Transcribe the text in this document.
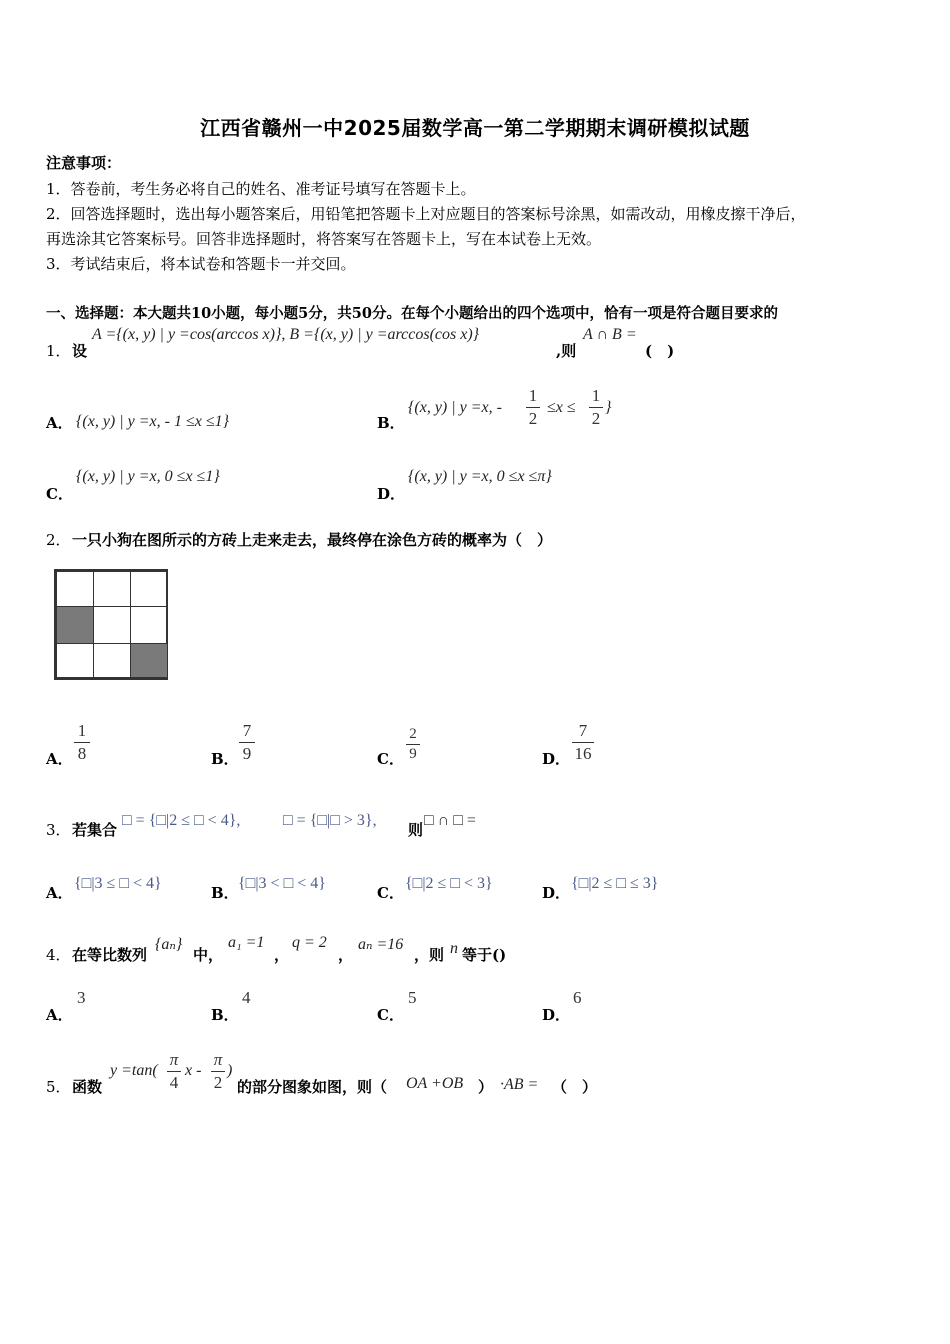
江西省赣州一中2025届数学高一第二学期期末调研模拟试题
注意事项：
1．答卷前，考生务必将自己的姓名、准考证号填写在答题卡上。
2．回答选择题时，选出每小题答案后，用铅笔把答题卡上对应题目的答案标号涂黑，如需改动，用橡皮擦干净后，
再选涂其它答案标号。回答非选择题时，将答案写在答题卡上，写在本试卷上无效。
3．考试结束后，将本试卷和答题卡一并交回。
一、选择题：本大题共10小题，每小题5分，共50分。在每个小题给出的四个选项中，恰有一项是符合题目要求的
1． 设
A ={(x, y) | y =cos(arccos x)}, B ={(x, y) | y =arccos(cos x)}
,则
A ∩ B =
(　)
A． {(x, y) | y =x, - 1 ≤x ≤1}	B．
{(x, y) | y =x, -
1
2
≤x ≤
1
2
}
C．
{(x, y) | y =x, 0 ≤x ≤1}
D．
{(x, y) | y =x, 0 ≤x ≤π}
2． 一只小狗在图所示的方砖上走来走去，最终停在涂色方砖的概率为（　）
A．
1
8	B．
7
9	C．
2
9	D．
7
16
3． 若集合
□ = {□|2 ≤ □ < 4},	□ = {□|□ > 3},
则
□ ∩ □ =
A．
{□|3 ≤ □ < 4}
B．
{□|3 < □ < 4}
C．
{□|2 ≤ □ < 3}
D．
{□|2 ≤ □ ≤ 3}
4． 在等比数列
{aₙ}
中，
a₁ =1
，
q = 2
，
aₙ =16
，则 n 等于()
A．
3
B．
4
C．
5
D．
6
5． 函数
y =tan(
π
4
x -
π
2
)
的部分图象如图，则（ OA +OB ） ·AB = （　）
